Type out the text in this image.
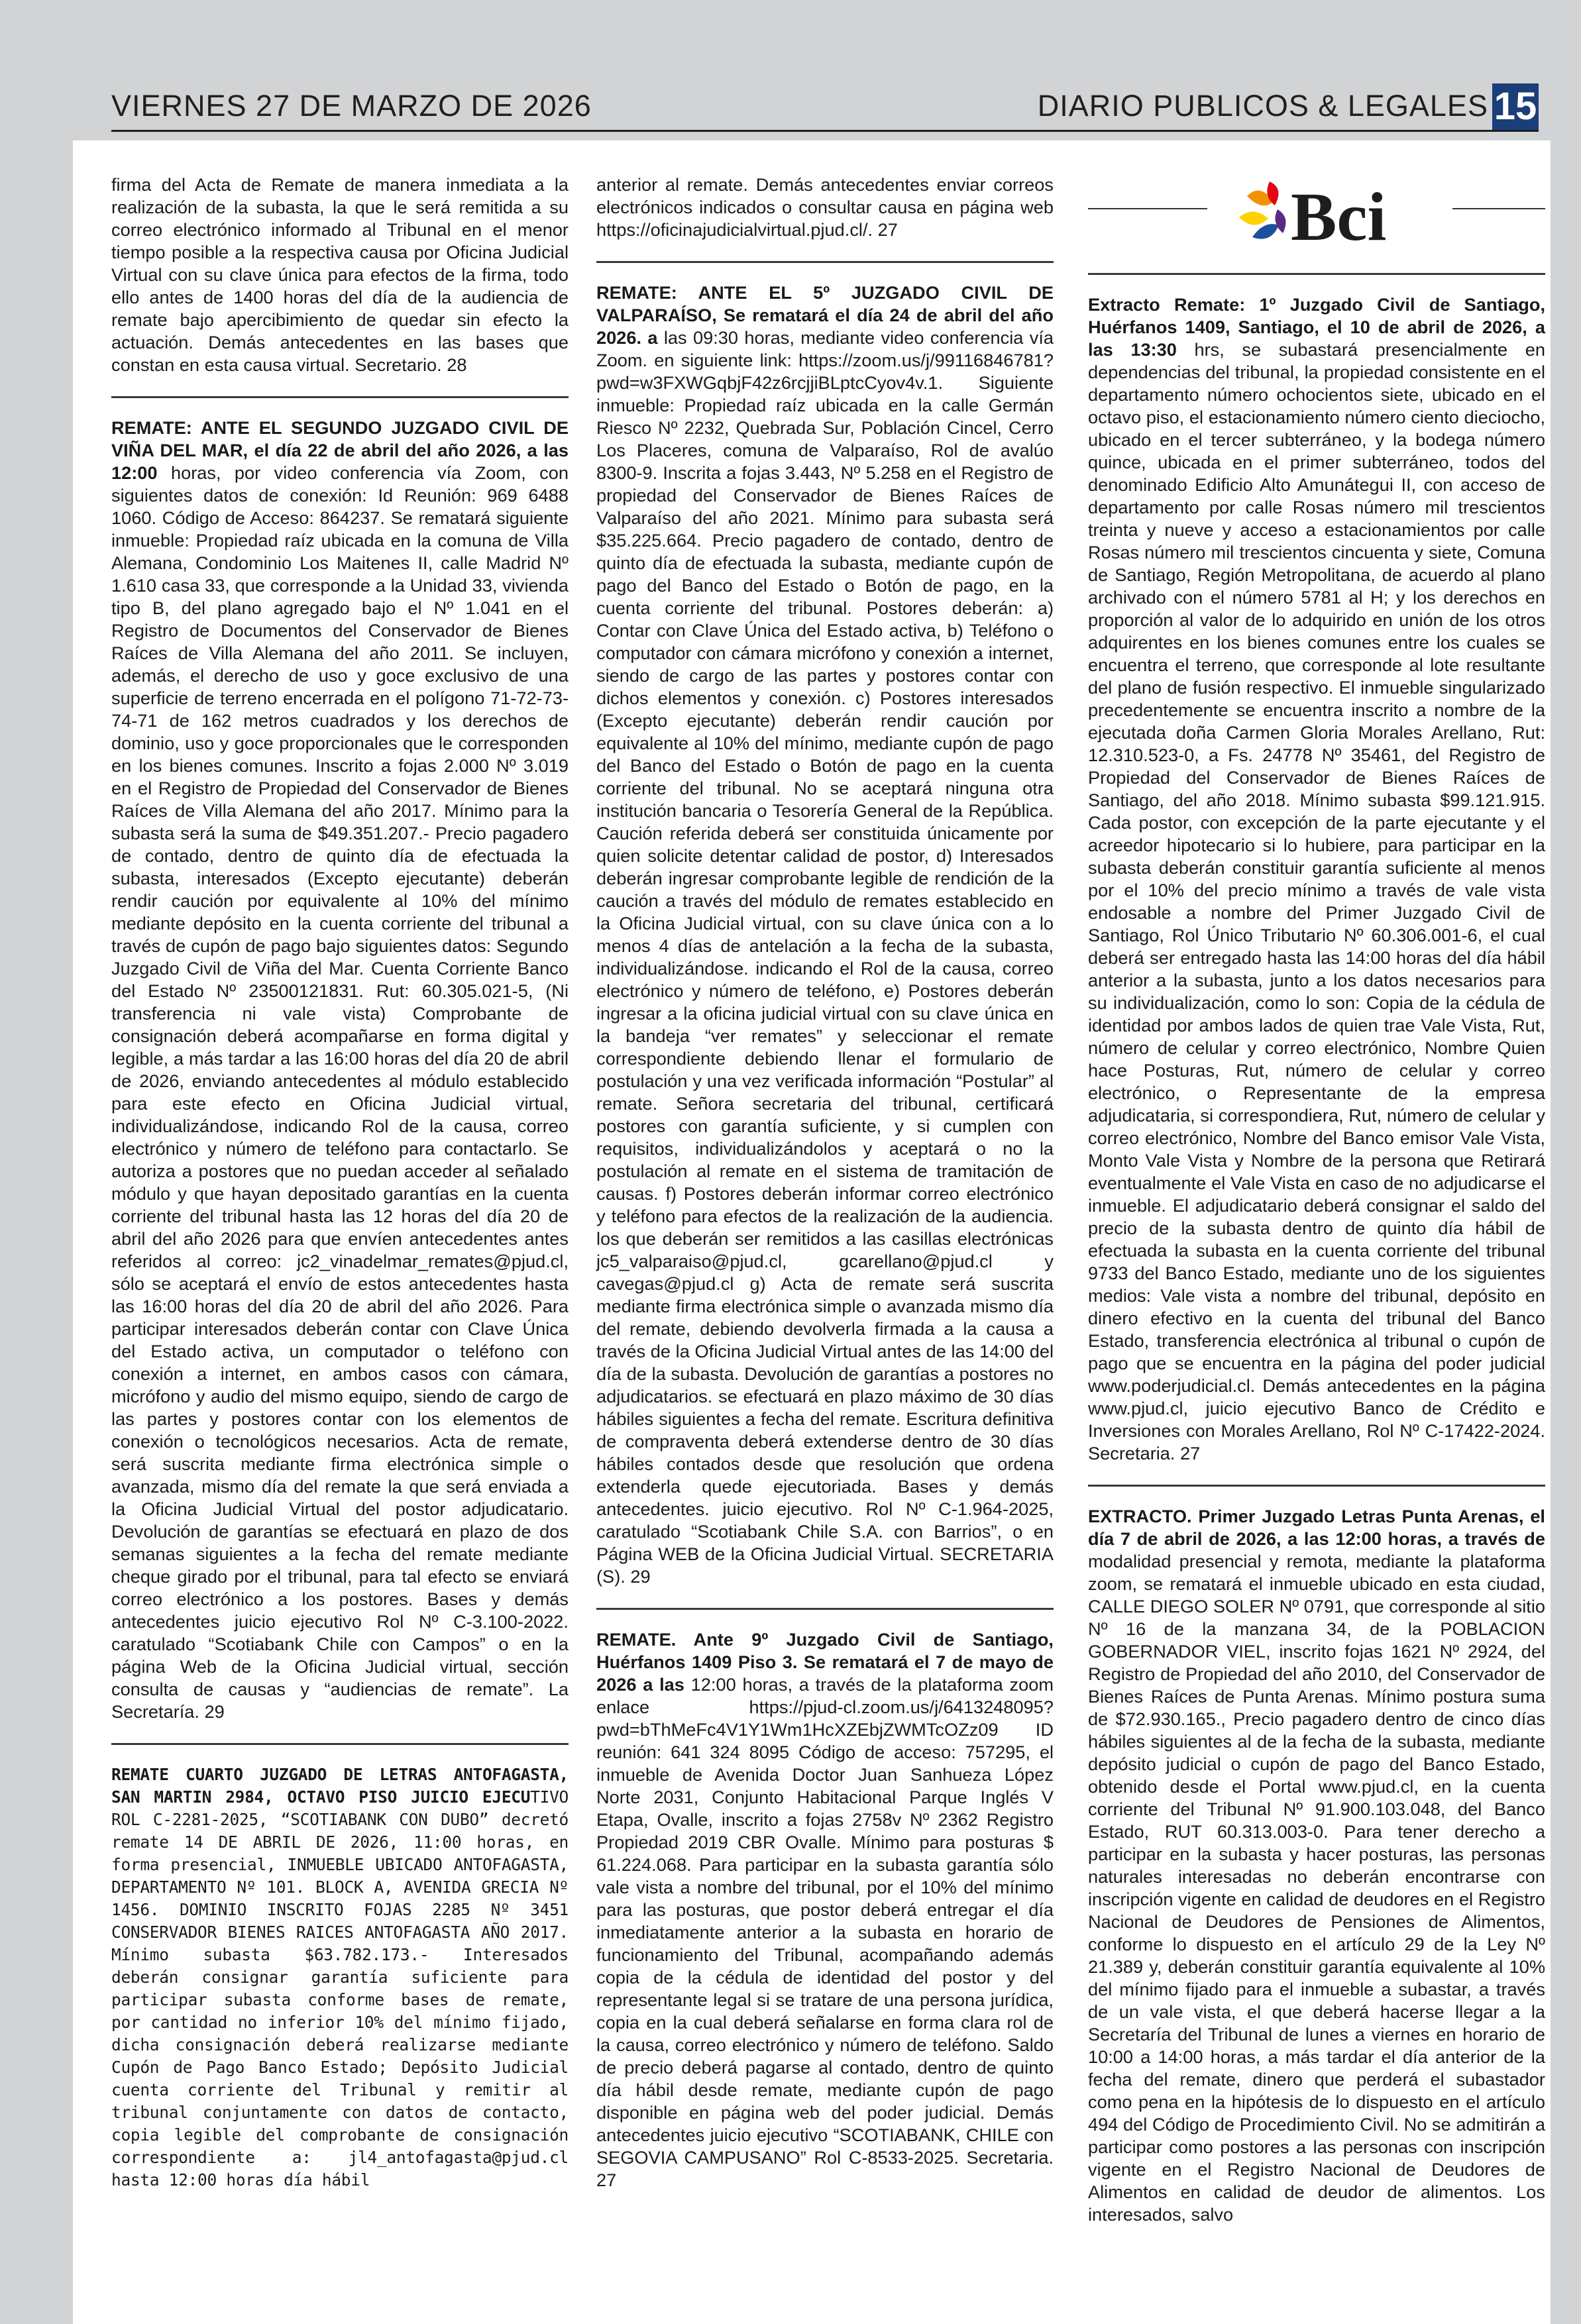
VIERNES 27 DE MARZO DE 2026	DIARIO PUBLICOS & LEGALES 15

firma del Acta de Remate de manera inmediata a la realización de la subasta, la que le será remitida a su correo electrónico informado al Tribunal en el menor tiempo posible a la respectiva causa por Oficina Judicial Virtual con su clave única para efectos de la firma, todo ello antes de 1400 horas del día de la audiencia de remate bajo apercibimiento de quedar sin efecto la actuación. Demás antecedentes en las bases que constan en esta causa virtual. Secretario. 28

REMATE: ANTE EL SEGUNDO JUZGADO CIVIL DE VIÑA DEL MAR, el día 22 de abril del año 2026, a las 12:00 horas, por video conferencia vía Zoom, con siguientes datos de conexión: Id Reunión: 969 6488 1060. Código de Acceso: 864237. Se rematará siguiente inmueble: Propiedad raíz ubicada en la comuna de Villa Alemana, Condominio Los Maitenes II, calle Madrid Nº 1.610 casa 33, que corresponde a la Unidad 33, vivienda tipo B, del plano agregado bajo el Nº 1.041 en el Registro de Documentos del Conservador de Bienes Raíces de Villa Alemana del año 2011. Se incluyen, además, el derecho de uso y goce exclusivo de una superficie de terreno encerrada en el polígono 71-72-73-74-71 de 162 metros cuadrados y los derechos de dominio, uso y goce proporcionales que le corresponden en los bienes comunes. Inscrito a fojas 2.000 Nº 3.019 en el Registro de Propiedad del Conservador de Bienes Raíces de Villa Alemana del año 2017. Mínimo para la subasta será la suma de $49.351.207.- Precio pagadero de contado, dentro de quinto día de efectuada la subasta, interesados (Excepto ejecutante) deberán rendir caución por equivalente al 10% del mínimo mediante depósito en la cuenta corriente del tribunal a través de cupón de pago bajo siguientes datos: Segundo Juzgado Civil de Viña del Mar. Cuenta Corriente Banco del Estado Nº 23500121831. Rut: 60.305.021-5, (Ni transferencia ni vale vista) Comprobante de consignación deberá acompañarse en forma digital y legible, a más tardar a las 16:00 horas del día 20 de abril de 2026, enviando antecedentes al módulo establecido para este efecto en Oficina Judicial virtual, individualizándose, indicando Rol de la causa, correo electrónico y número de teléfono para contactarlo. Se autoriza a postores que no puedan acceder al señalado módulo y que hayan depositado garantías en la cuenta corriente del tribunal hasta las 12 horas del día 20 de abril del año 2026 para que envíen antecedentes antes referidos al correo: jc2_vinadelmar_remates@pjud.cl, sólo se aceptará el envío de estos antecedentes hasta las 16:00 horas del día 20 de abril del año 2026. Para participar interesados deberán contar con Clave Única del Estado activa, un computador o teléfono con conexión a internet, en ambos casos con cámara, micrófono y audio del mismo equipo, siendo de cargo de las partes y postores contar con los elementos de conexión o tecnológicos necesarios. Acta de remate, será suscrita mediante firma electrónica simple o avanzada, mismo día del remate la que será enviada a la Oficina Judicial Virtual del postor adjudicatario. Devolución de garantías se efectuará en plazo de dos semanas siguientes a la fecha del remate mediante cheque girado por el tribunal, para tal efecto se enviará correo electrónico a los postores. Bases y demás antecedentes juicio ejecutivo Rol Nº C-3.100-2022. caratulado “Scotiabank Chile con Campos” o en la página Web de la Oficina Judicial virtual, sección consulta de causas y “audiencias de remate”. La Secretaría. 29

REMATE CUARTO JUZGADO DE LETRAS ANTOFAGASTA, SAN MARTIN 2984, OCTAVO PISO JUICIO EJECUTIVO ROL C-2281-2025, “SCOTIABANK CON DUBO” decretó remate 14 DE ABRIL DE 2026, 11:00 horas, en forma presencial, INMUEBLE UBICADO ANTOFAGASTA, DEPARTAMENTO Nº 101. BLOCK A, AVENIDA GRECIA Nº 1456. DOMINIO INSCRITO FOJAS 2285 Nº 3451 CONSERVADOR BIENES RAICES ANTOFAGASTA AÑO 2017. Mínimo subasta $63.782.173.- Interesados deberán consignar garantía suficiente para participar subasta conforme bases de remate, por cantidad no inferior 10% del mínimo fijado, dicha consignación deberá realizarse mediante Cupón de Pago Banco Estado; Depósito Judicial cuenta corriente del Tribunal y remitir al tribunal conjuntamente con datos de contacto, copia legible del comprobante de consignación correspondiente a: jl4_antofagasta@pjud.cl hasta 12:00 horas día hábil

anterior al remate. Demás antecedentes enviar correos electrónicos indicados o consultar causa en página web https://oficinajudicialvirtual.pjud.cl/. 27

REMATE: ANTE EL 5º JUZGADO CIVIL DE VALPARAÍSO, Se rematará el día 24 de abril del año 2026. a las 09:30 horas, mediante video conferencia vía Zoom. en siguiente link: https://zoom.us/j/99116846781?pwd=w3FXWGqbjF42z6rcjjiBLptcCyov4v.1. Siguiente inmueble: Propiedad raíz ubicada en la calle Germán Riesco Nº 2232, Quebrada Sur, Población Cincel, Cerro Los Placeres, comuna de Valparaíso, Rol de avalúo 8300-9. Inscrita a fojas 3.443, Nº 5.258 en el Registro de propiedad del Conservador de Bienes Raíces de Valparaíso del año 2021. Mínimo para subasta será $35.225.664. Precio pagadero de contado, dentro de quinto día de efectuada la subasta, mediante cupón de pago del Banco del Estado o Botón de pago, en la cuenta corriente del tribunal. Postores deberán: a) Contar con Clave Única del Estado activa, b) Teléfono o computador con cámara micrófono y conexión a internet, siendo de cargo de las partes y postores contar con dichos elementos y conexión. c) Postores interesados (Excepto ejecutante) deberán rendir caución por equivalente al 10% del mínimo, mediante cupón de pago del Banco del Estado o Botón de pago en la cuenta corriente del tribunal. No se aceptará ninguna otra institución bancaria o Tesorería General de la República. Caución referida deberá ser constituida únicamente por quien solicite detentar calidad de postor, d) Interesados deberán ingresar comprobante legible de rendición de la caución a través del módulo de remates establecido en la Oficina Judicial virtual, con su clave única con a lo menos 4 días de antelación a la fecha de la subasta, individualizándose. indicando el Rol de la causa, correo electrónico y número de teléfono, e) Postores deberán ingresar a la oficina judicial virtual con su clave única en la bandeja “ver remates” y seleccionar el remate correspondiente debiendo llenar el formulario de postulación y una vez verificada información “Postular” al remate. Señora secretaria del tribunal, certificará postores con garantía suficiente, y si cumplen con requisitos, individualizándolos y aceptará o no la postulación al remate en el sistema de tramitación de causas. f) Postores deberán informar correo electrónico y teléfono para efectos de la realización de la audiencia. los que deberán ser remitidos a las casillas electrónicas jc5_valparaiso@pjud.cl, gcarellano@pjud.cl y cavegas@pjud.cl g) Acta de remate será suscrita mediante firma electrónica simple o avanzada mismo día del remate, debiendo devolverla firmada a la causa a través de la Oficina Judicial Virtual antes de las 14:00 del día de la subasta. Devolución de garantías a postores no adjudicatarios. se efectuará en plazo máximo de 30 días hábiles siguientes a fecha del remate. Escritura definitiva de compraventa deberá extenderse dentro de 30 días hábiles contados desde que resolución que ordena extenderla quede ejecutoriada. Bases y demás antecedentes. juicio ejecutivo. Rol Nº C-1.964-2025, caratulado “Scotiabank Chile S.A. con Barrios”, o en Página WEB de la Oficina Judicial Virtual. SECRETARIA (S). 29

REMATE. Ante 9º Juzgado Civil de Santiago, Huérfanos 1409 Piso 3. Se rematará el 7 de mayo de 2026 a las 12:00 horas, a través de la plataforma zoom enlace https://pjud-cl.zoom.us/j/6413248095?pwd=bThMeFc4V1Y1Wm1HcXZEbjZWMTcOZz09 ID reunión: 641 324 8095 Código de acceso: 757295, el inmueble de Avenida Doctor Juan Sanhueza López Norte 2031, Conjunto Habitacional Parque Inglés V Etapa, Ovalle, inscrito a fojas 2758v Nº 2362 Registro Propiedad 2019 CBR Ovalle. Mínimo para posturas $ 61.224.068. Para participar en la subasta garantía sólo vale vista a nombre del tribunal, por el 10% del mínimo para las posturas, que postor deberá entregar el día inmediatamente anterior a la subasta en horario de funcionamiento del Tribunal, acompañando además copia de la cédula de identidad del postor y del representante legal si se tratare de una persona jurídica, copia en la cual deberá señalarse en forma clara rol de la causa, correo electrónico y número de teléfono. Saldo de precio deberá pagarse al contado, dentro de quinto día hábil desde remate, mediante cupón de pago disponible en página web del poder judicial. Demás antecedentes juicio ejecutivo “SCOTIABANK, CHILE con SEGOVIA CAMPUSANO” Rol C-8533-2025. Secretaria. 27

Bci

Extracto Remate: 1º Juzgado Civil de Santiago, Huérfanos 1409, Santiago, el 10 de abril de 2026, a las 13:30 hrs, se subastará presencialmente en dependencias del tribunal, la propiedad consistente en el departamento número ochocientos siete, ubicado en el octavo piso, el estacionamiento número ciento dieciocho, ubicado en el tercer subterráneo, y la bodega número quince, ubicada en el primer subterráneo, todos del denominado Edificio Alto Amunátegui II, con acceso de departamento por calle Rosas número mil trescientos treinta y nueve y acceso a estacionamientos por calle Rosas número mil trescientos cincuenta y siete, Comuna de Santiago, Región Metropolitana, de acuerdo al plano archivado con el número 5781 al H; y los derechos en proporción al valor de lo adquirido en unión de los otros adquirentes en los bienes comunes entre los cuales se encuentra el terreno, que corresponde al lote resultante del plano de fusión respectivo. El inmueble singularizado precedentemente se encuentra inscrito a nombre de la ejecutada doña Carmen Gloria Morales Arellano, Rut: 12.310.523-0, a Fs. 24778 Nº 35461, del Registro de Propiedad del Conservador de Bienes Raíces de Santiago, del año 2018. Mínimo subasta $99.121.915. Cada postor, con excepción de la parte ejecutante y el acreedor hipotecario si lo hubiere, para participar en la subasta deberán constituir garantía suficiente al menos por el 10% del precio mínimo a través de vale vista endosable a nombre del Primer Juzgado Civil de Santiago, Rol Único Tributario Nº 60.306.001-6, el cual deberá ser entregado hasta las 14:00 horas del día hábil anterior a la subasta, junto a los datos necesarios para su individualización, como lo son: Copia de la cédula de identidad por ambos lados de quien trae Vale Vista, Rut, número de celular y correo electrónico, Nombre Quien hace Posturas, Rut, número de celular y correo electrónico, o Representante de la empresa adjudicataria, si correspondiera, Rut, número de celular y correo electrónico, Nombre del Banco emisor Vale Vista, Monto Vale Vista y Nombre de la persona que Retirará eventualmente el Vale Vista en caso de no adjudicarse el inmueble. El adjudicatario deberá consignar el saldo del precio de la subasta dentro de quinto día hábil de efectuada la subasta en la cuenta corriente del tribunal 9733 del Banco Estado, mediante uno de los siguientes medios: Vale vista a nombre del tribunal, depósito en dinero efectivo en la cuenta del tribunal del Banco Estado, transferencia electrónica al tribunal o cupón de pago que se encuentra en la página del poder judicial www.poderjudicial.cl. Demás antecedentes en la página www.pjud.cl, juicio ejecutivo Banco de Crédito e Inversiones con Morales Arellano, Rol Nº C-17422-2024. Secretaria. 27

EXTRACTO. Primer Juzgado Letras Punta Arenas, el día 7 de abril de 2026, a las 12:00 horas, a través de modalidad presencial y remota, mediante la plataforma zoom, se rematará el inmueble ubicado en esta ciudad, CALLE DIEGO SOLER Nº 0791, que corresponde al sitio Nº 16 de la manzana 34, de la POBLACION GOBERNADOR VIEL, inscrito fojas 1621 Nº 2924, del Registro de Propiedad del año 2010, del Conservador de Bienes Raíces de Punta Arenas. Mínimo postura suma de $72.930.165., Precio pagadero dentro de cinco días hábiles siguientes al de la fecha de la subasta, mediante depósito judicial o cupón de pago del Banco Estado, obtenido desde el Portal www.pjud.cl, en la cuenta corriente del Tribunal Nº 91.900.103.048, del Banco Estado, RUT 60.313.003-0. Para tener derecho a participar en la subasta y hacer posturas, las personas naturales interesadas no deberán encontrarse con inscripción vigente en calidad de deudores en el Registro Nacional de Deudores de Pensiones de Alimentos, conforme lo dispuesto en el artículo 29 de la Ley Nº 21.389 y, deberán constituir garantía equivalente al 10% del mínimo fijado para el inmueble a subastar, a través de un vale vista, el que deberá hacerse llegar a la Secretaría del Tribunal de lunes a viernes en horario de 10:00 a 14:00 horas, a más tardar el día anterior de la fecha del remate, dinero que perderá el subastador como pena en la hipótesis de lo dispuesto en el artículo 494 del Código de Procedimiento Civil. No se admitirán a participar como postores a las personas con inscripción vigente en el Registro Nacional de Deudores de Alimentos en calidad de deudor de alimentos. Los interesados, salvo
